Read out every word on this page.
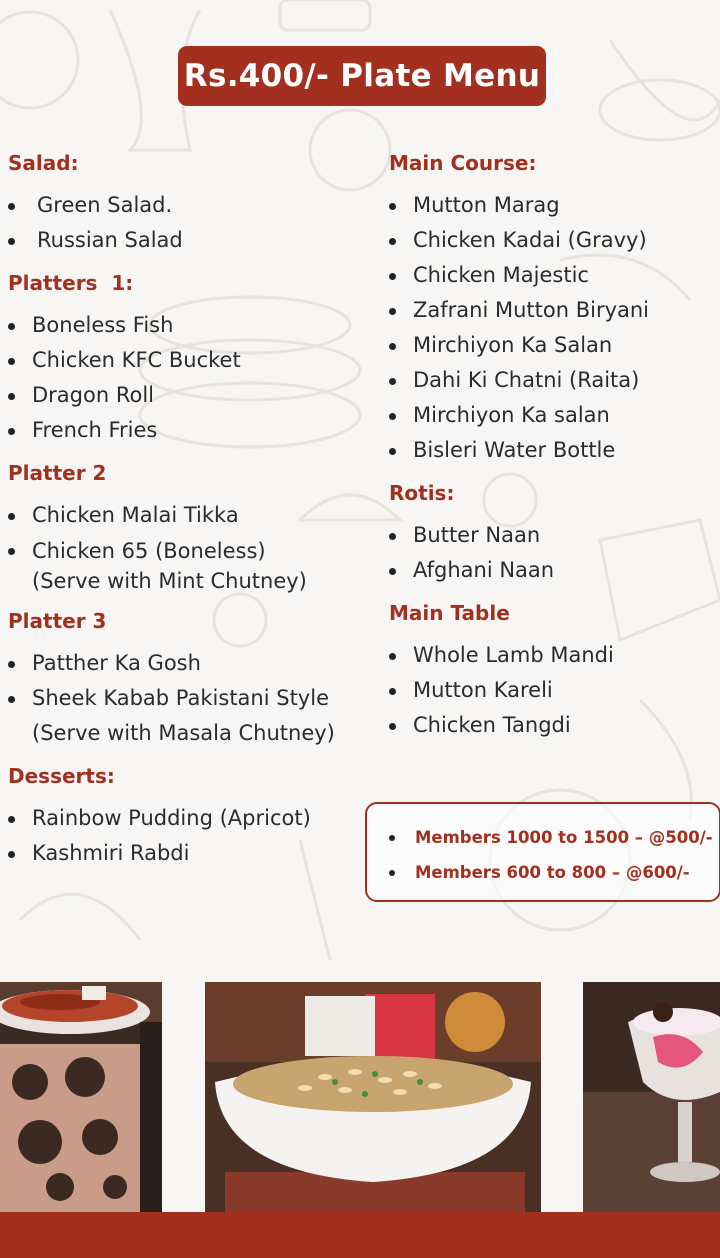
Rs.400/- Plate Menu
Salad:
Green Salad.
Russian Salad
Platters  1:
Boneless Fish
Chicken KFC Bucket
Dragon Roll
French Fries
Platter 2
Chicken Malai Tikka
Chicken 65 (Boneless)
(Serve with Mint Chutney)
Platter 3
Patther Ka Gosh
Sheek Kabab Pakistani Style
(Serve with Masala Chutney)
Desserts:
Rainbow Pudding (Apricot)
Kashmiri Rabdi
Main Course:
Mutton Marag
Chicken Kadai (Gravy)
Chicken Majestic
Zafrani Mutton Biryani
Mirchiyon Ka Salan
Dahi Ki Chatni (Raita)
Mirchiyon Ka salan
Bisleri Water Bottle
Rotis:
Butter Naan
Afghani Naan
Main Table
Whole Lamb Mandi
Mutton Kareli
Chicken Tangdi
Members 1000 to 1500 – @500/-
Members 600 to 800 – @600/-
